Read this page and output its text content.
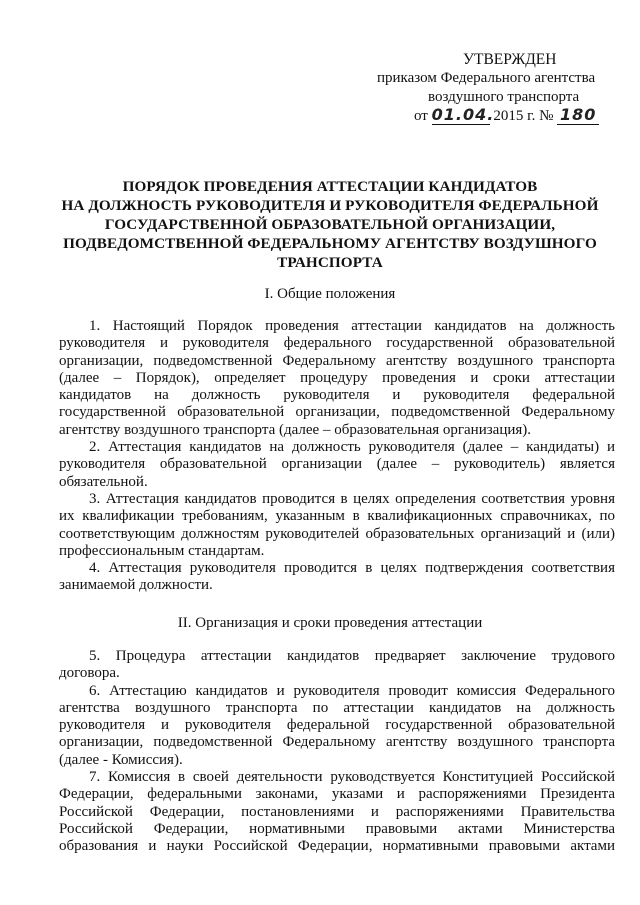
УТВЕРЖДЕН
приказом Федерального агентства
воздушного транспорта
от 01.04. 2015 г. № 180
ПОРЯДОК ПРОВЕДЕНИЯ АТТЕСТАЦИИ КАНДИДАТОВ
НА ДОЛЖНОСТЬ РУКОВОДИТЕЛЯ И РУКОВОДИТЕЛЯ ФЕДЕРАЛЬНОЙ
ГОСУДАРСТВЕННОЙ ОБРАЗОВАТЕЛЬНОЙ ОРГАНИЗАЦИИ,
ПОДВЕДОМСТВЕННОЙ ФЕДЕРАЛЬНОМУ АГЕНТСТВУ ВОЗДУШНОГО
ТРАНСПОРТА
I. Общие положения
1. Настоящий Порядок проведения аттестации кандидатов на должность
руководителя и руководителя федерального государственной образовательной
организации, подведомственной Федеральному агентству воздушного транспорта
(далее – Порядок), определяет процедуру проведения и сроки аттестации
кандидатов на должность руководителя и руководителя федеральной
государственной образовательной организации, подведомственной Федеральному
агентству воздушного транспорта (далее – образовательная организация).
2. Аттестация кандидатов на должность руководителя (далее – кандидаты) и
руководителя образовательной организации (далее – руководитель) является
обязательной.
3. Аттестация кандидатов проводится в целях определения соответствия уровня
их квалификации требованиям, указанным в квалификационных справочниках, по
соответствующим должностям руководителей образовательных организаций и (или)
профессиональным стандартам.
4. Аттестация руководителя проводится в целях подтверждения соответствия
занимаемой должности.
II. Организация и сроки проведения аттестации
5. Процедура аттестации кандидатов предваряет заключение трудового
договора.
6. Аттестацию кандидатов и руководителя проводит комиссия Федерального
агентства воздушного транспорта по аттестации кандидатов на должность
руководителя и руководителя федеральной государственной образовательной
организации, подведомственной Федеральному агентству воздушного транспорта
(далее - Комиссия).
7. Комиссия в своей деятельности руководствуется Конституцией Российской
Федерации, федеральными законами, указами и распоряжениями Президента
Российской Федерации, постановлениями и распоряжениями Правительства
Российской Федерации, нормативными правовыми актами Министерства
образования и науки Российской Федерации, нормативными правовыми актами
